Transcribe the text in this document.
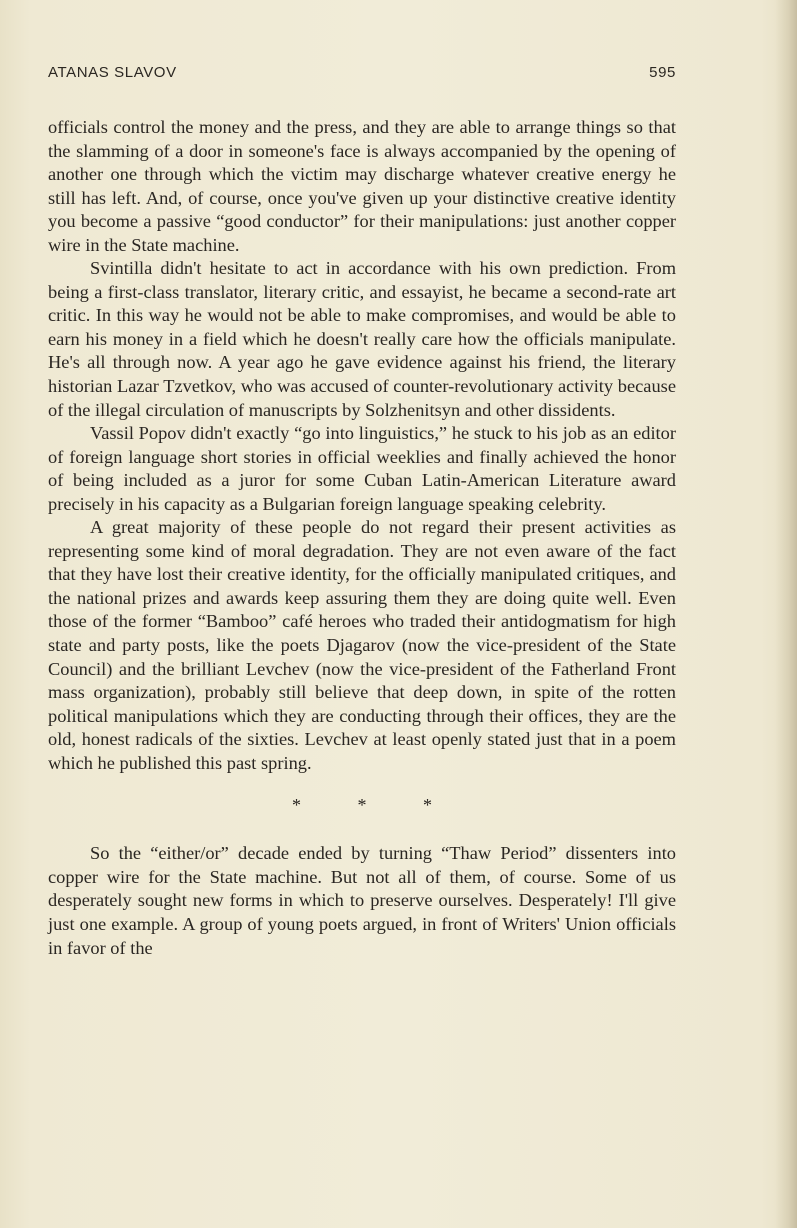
ATANAS SLAVOV	595

officials control the money and the press, and they are able to arrange things so that the slamming of a door in someone's face is always accompanied by the opening of another one through which the victim may discharge whatever creative energy he still has left. And, of course, once you've given up your distinctive creative identity you become a passive “good conductor” for their manipulations: just another copper wire in the State machine.

Svintilla didn't hesitate to act in accordance with his own prediction. From being a first-class translator, literary critic, and essayist, he became a second-rate art critic. In this way he would not be able to make compromises, and would be able to earn his money in a field which he doesn't really care how the officials manipulate. He's all through now. A year ago he gave evidence against his friend, the literary historian Lazar Tzvetkov, who was accused of counter-revolutionary activity because of the illegal circulation of manuscripts by Solzhenitsyn and other dissidents.

Vassil Popov didn't exactly “go into linguistics,” he stuck to his job as an editor of foreign language short stories in official weeklies and finally achieved the honor of being included as a juror for some Cuban Latin-American Literature award precisely in his capacity as a Bulgarian foreign language speaking celebrity.

A great majority of these people do not regard their present activities as representing some kind of moral degradation. They are not even aware of the fact that they have lost their creative identity, for the officially manipulated critiques, and the national prizes and awards keep assuring them they are doing quite well. Even those of the former “Bamboo” café heroes who traded their antidogmatism for high state and party posts, like the poets Djagarov (now the vice-president of the State Council) and the brilliant Levchev (now the vice-president of the Fatherland Front mass organization), probably still believe that deep down, in spite of the rotten political manipulations which they are conducting through their offices, they are the old, honest radicals of the sixties. Levchev at least openly stated just that in a poem which he published this past spring.

* * *

So the “either/or” decade ended by turning “Thaw Period” dissenters into copper wire for the State machine. But not all of them, of course. Some of us desperately sought new forms in which to preserve ourselves. Desperately! I'll give just one example. A group of young poets argued, in front of Writers' Union officials in favor of the
